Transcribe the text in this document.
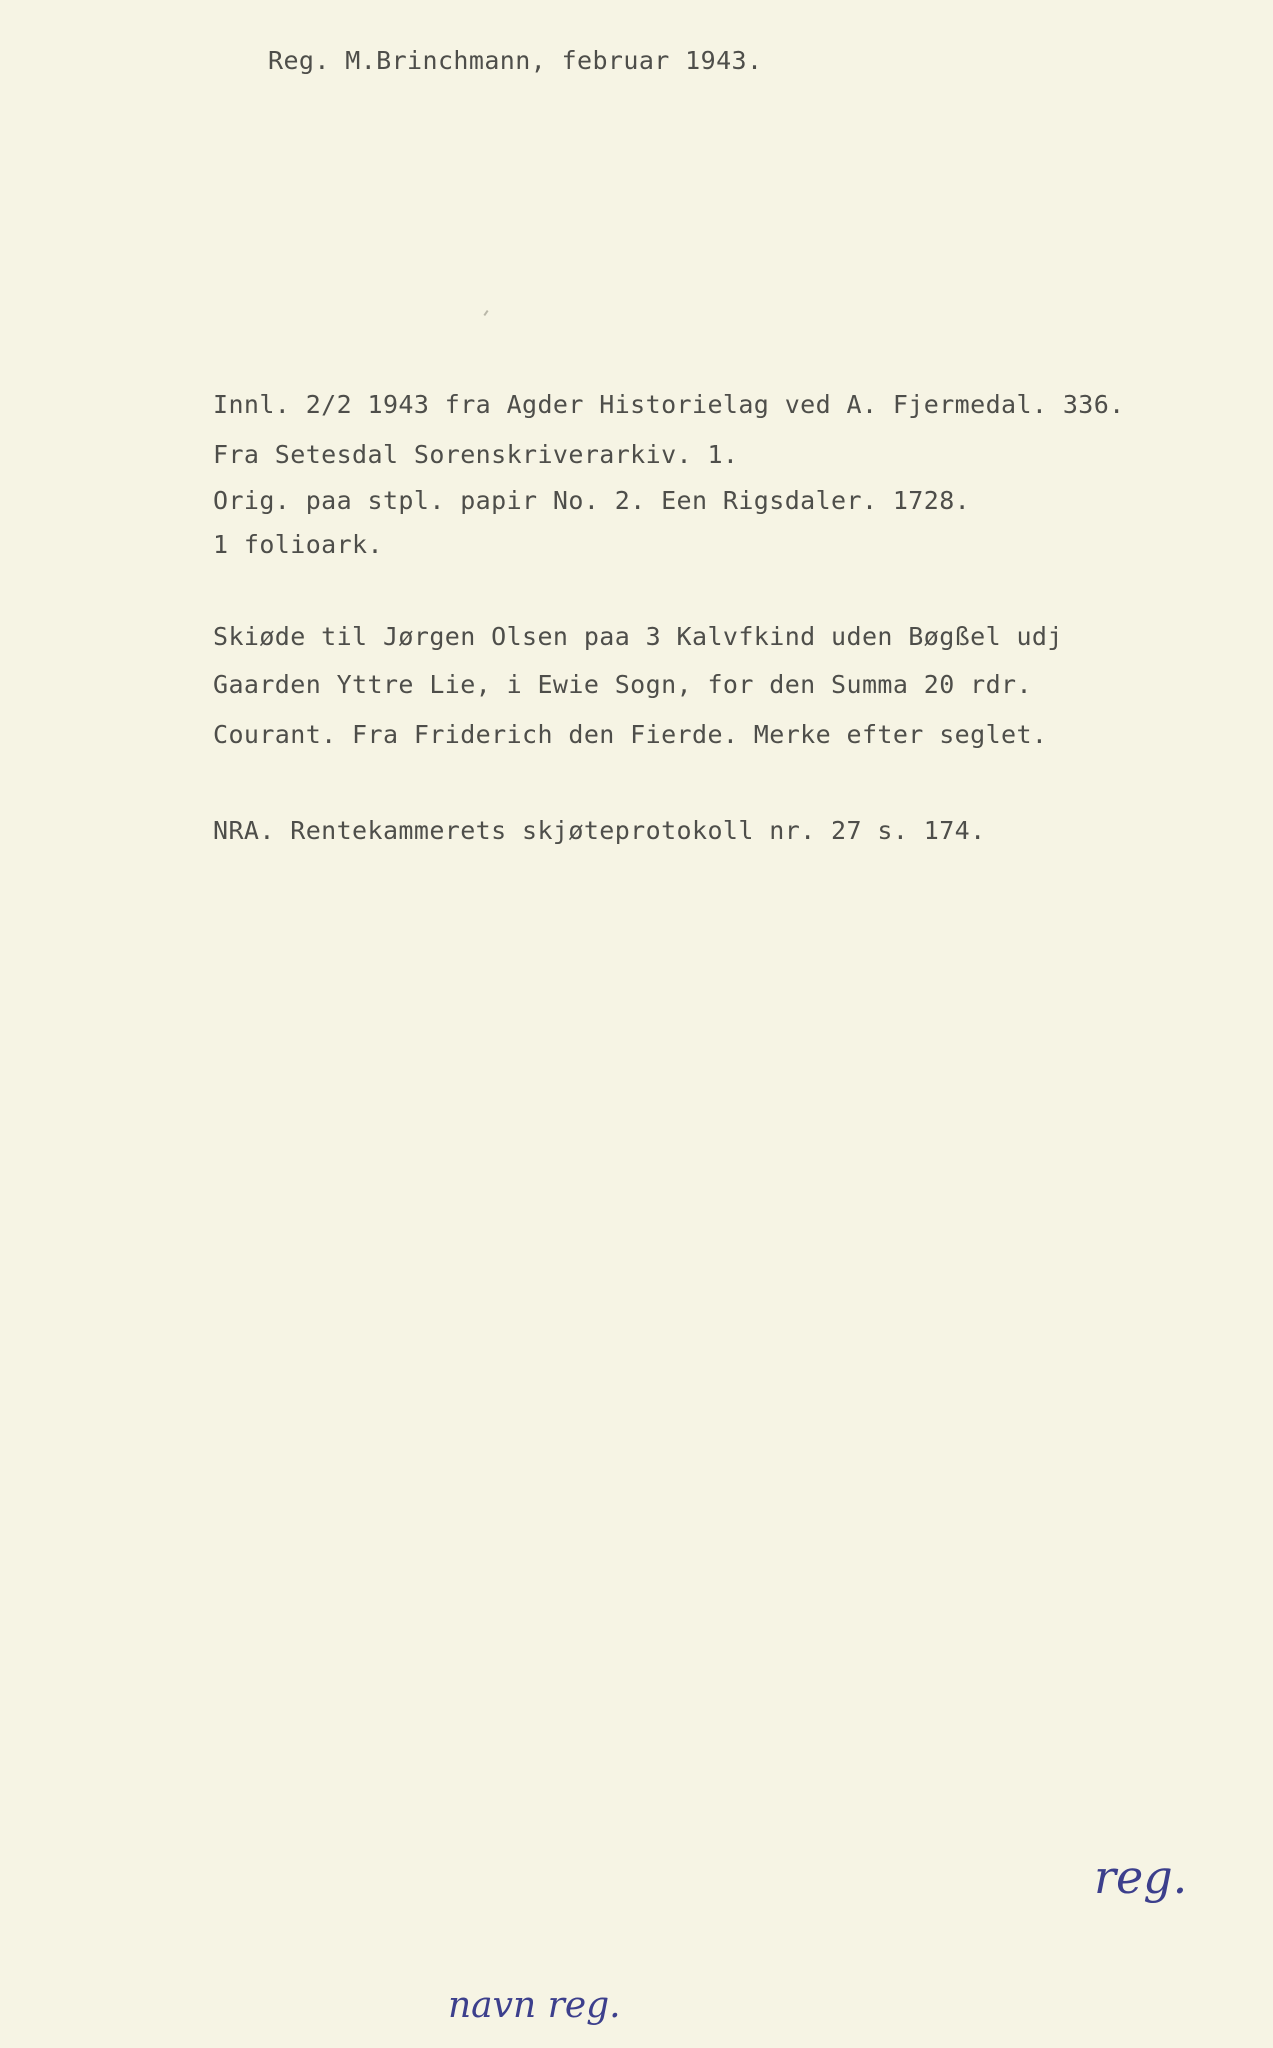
Reg. M.Brinchmann, februar 1943.

Innl. 2/2 1943 fra Agder Historielag ved A. Fjermedal. 336.

Fra Setesdal Sorenskriverarkiv. 1.

Orig. paa stpl. papir No. 2. Een Rigsdaler. 1728.

1 folioark.

Skiøde til Jørgen Olsen paa 3 Kalvfkind uden Bøgßel udj

Gaarden Yttre Lie, i Ewie Sogn, for den Summa 20 rdr.

Courant. Fra Friderich den Fierde. Merke efter seglet.

NRA. Rentekammerets skjøteprotokoll nr. 27 s. 174.

reg.
navn reg.
